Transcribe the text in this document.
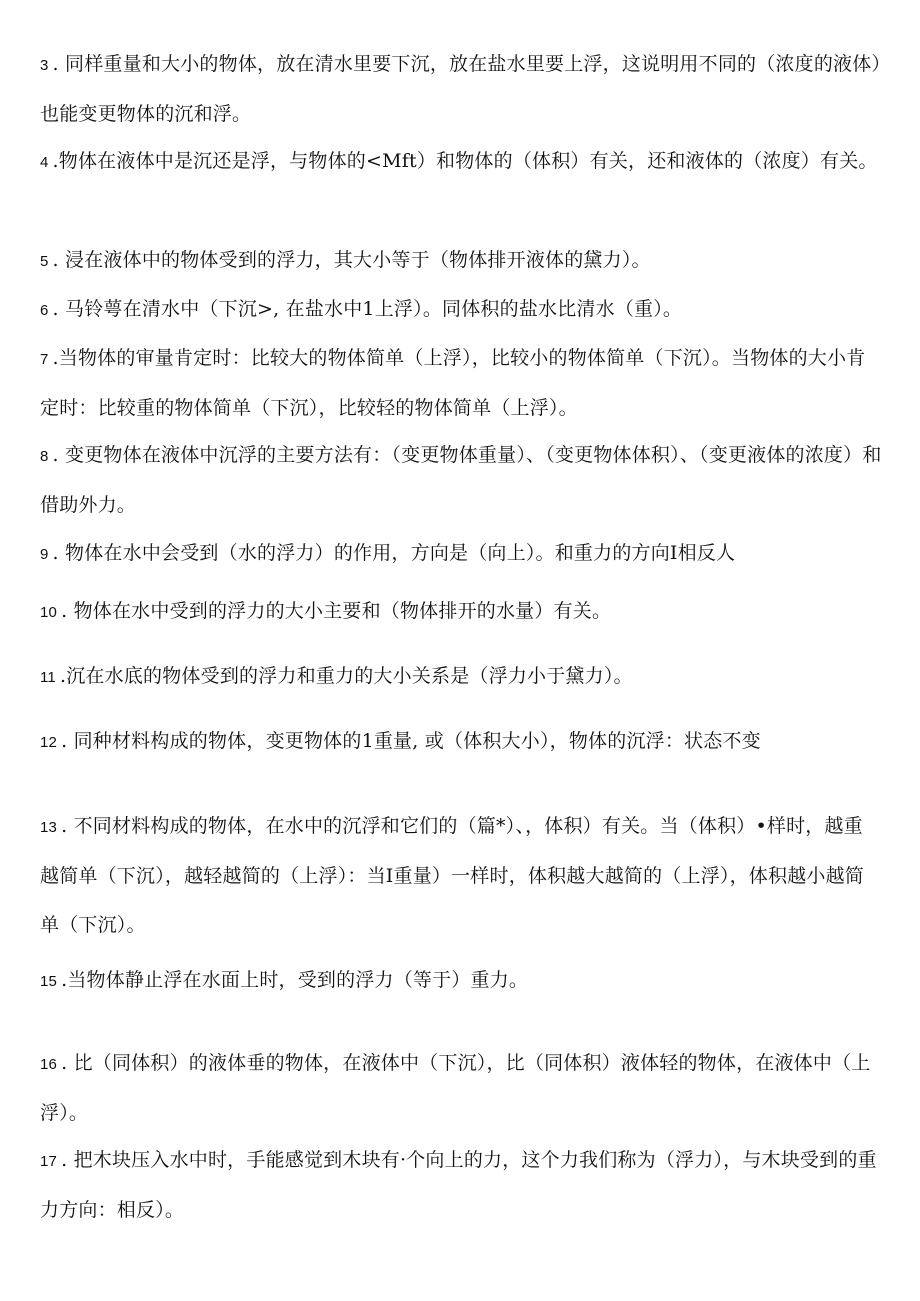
3 . 同样重量和大小的物体，放在清水里要下沉，放在盐水里要上浮，这说明用不同的（浓度的液体）也能变更物体的沉和浮。
4 .物体在液体中是沉还是浮，与物体的<Mft）和物体的（体积）有关，还和液体的（浓度）有关。
5 . 浸在液体中的物体受到的浮力，其大小等于（物体排开液体的黛力）。
6 . 马铃萼在清水中（下沉>, 在盐水中1上浮）。同体积的盐水比清水（重）。
7 .当物体的审量肯定时：比较大的物体简单（上浮），比较小的物体简单（下沉）。当物体的大小肯定时：比较重的物体简单（下沉），比较轻的物体简单（上浮）。
8 . 变更物体在液体中沉浮的主要方法有：（变更物体重量）、（变更物体体积）、（变更液体的浓度）和借助外力。
9 . 物体在水中会受到（水的浮力）的作用，方向是（向上）。和重力的方向I相反人
10 . 物体在水中受到的浮力的大小主要和（物体排开的水量）有关。
11 .沉在水底的物体受到的浮力和重力的大小关系是（浮力小于黛力）。
12 . 同种材料构成的物体，变更物体的1重量, 或（体积大小），物体的沉浮：状态不变
13 . 不同材料构成的物体，在水中的沉浮和它们的（篇*）、，体积）有关。当（体积）•样时，越重越简单（下沉），越轻越简的（上浮）：当I重量）一样时，体积越大越简的（上浮），体积越小越简单（下沉）。
15 .当物体静止浮在水面上时，受到的浮力（等于）重力。
16 . 比（同体积）的液体垂的物体，在液体中（下沉），比（同体积）液体轻的物体，在液体中（上浮）。
17 . 把木块压入水中时，手能感觉到木块有·个向上的力，这个力我们称为（浮力），与木块受到的重力方向：相反）。
